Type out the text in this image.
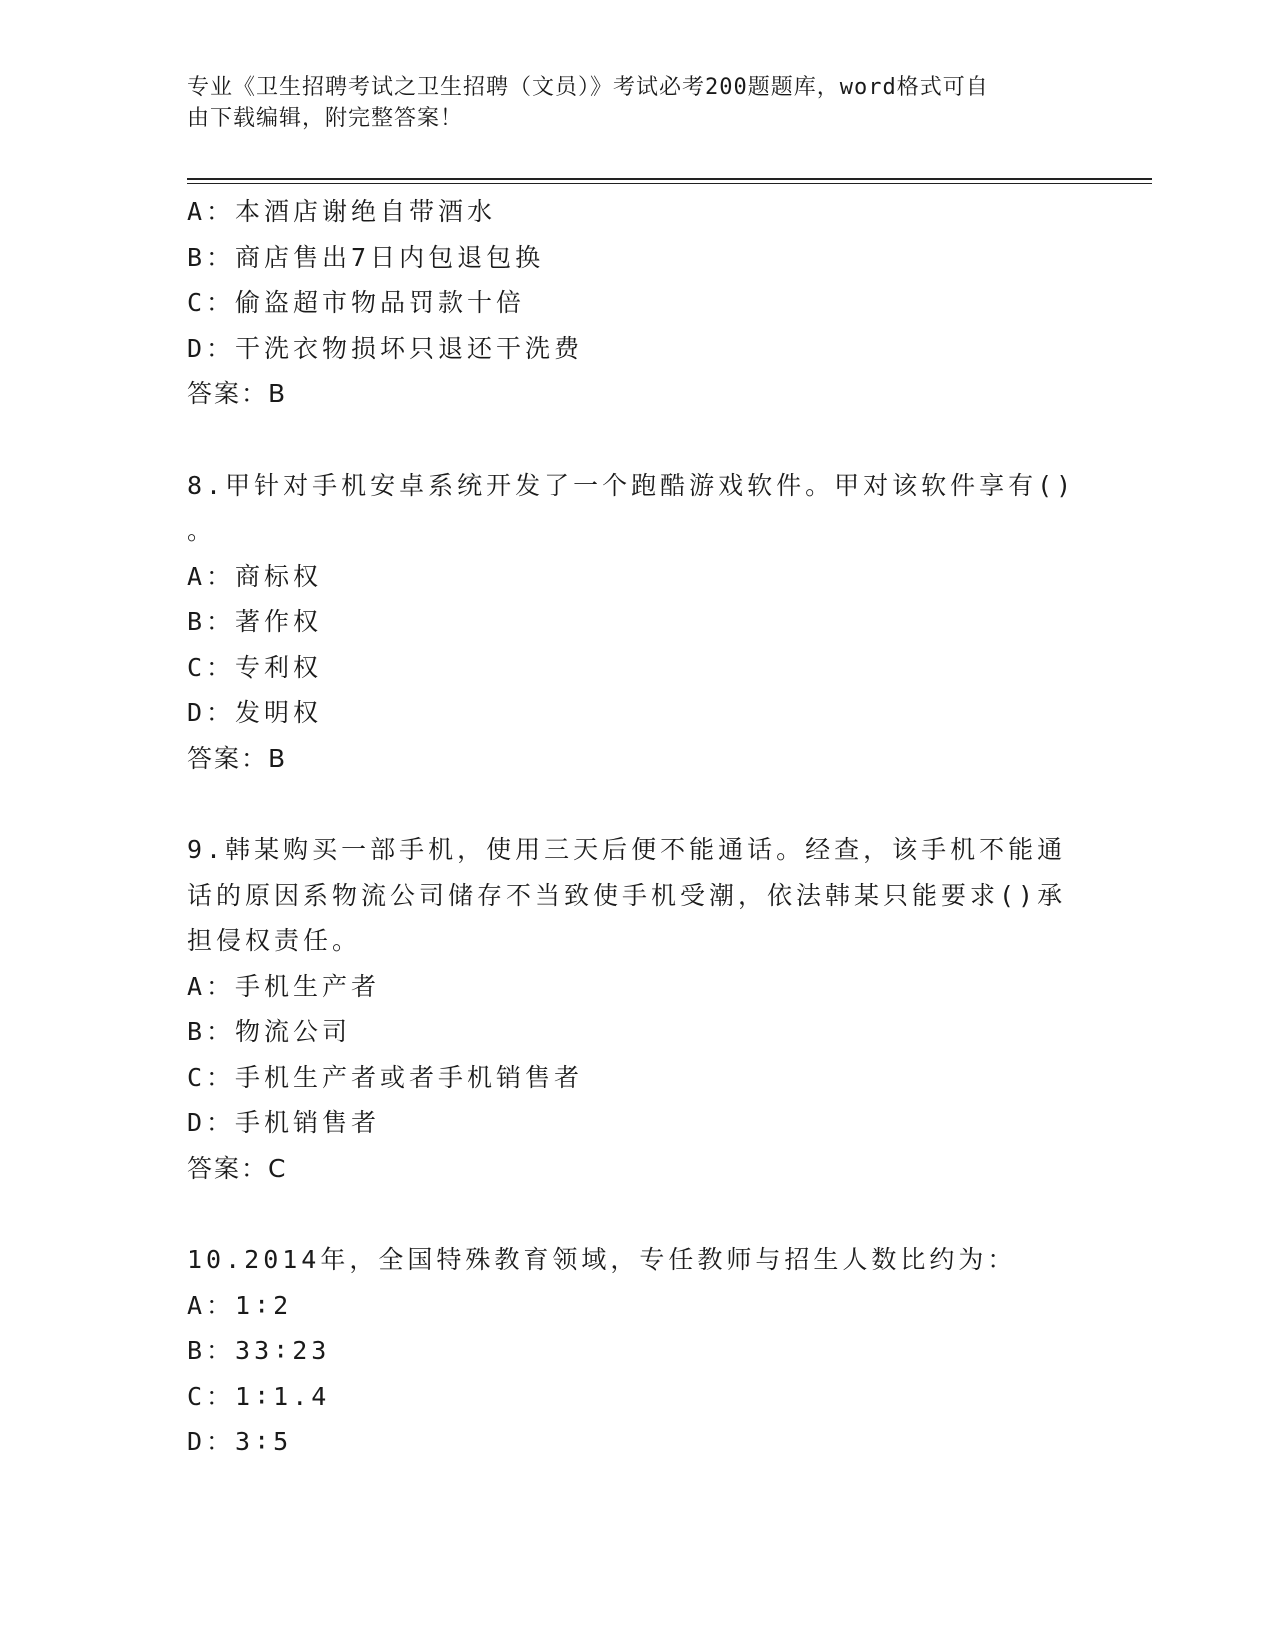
专业《卫生招聘考试之卫生招聘（文员）》考试必考200题题库，word格式可自
由下载编辑，附完整答案！
A：本酒店谢绝自带酒水
B：商店售出7日内包退包换
C：偷盗超市物品罚款十倍
D：干洗衣物损坏只退还干洗费
答案：B
8.甲针对手机安卓系统开发了一个跑酷游戏软件。甲对该软件享有()
。
A：商标权
B：著作权
C：专利权
D：发明权
答案：B
9.韩某购买一部手机，使用三天后便不能通话。经查，该手机不能通
话的原因系物流公司储存不当致使手机受潮，依法韩某只能要求()承
担侵权责任。
A：手机生产者
B：物流公司
C：手机生产者或者手机销售者
D：手机销售者
答案：C
10.2014年，全国特殊教育领域，专任教师与招生人数比约为：
A：1∶2
B：33∶23
C：1∶1.4
D：3∶5
